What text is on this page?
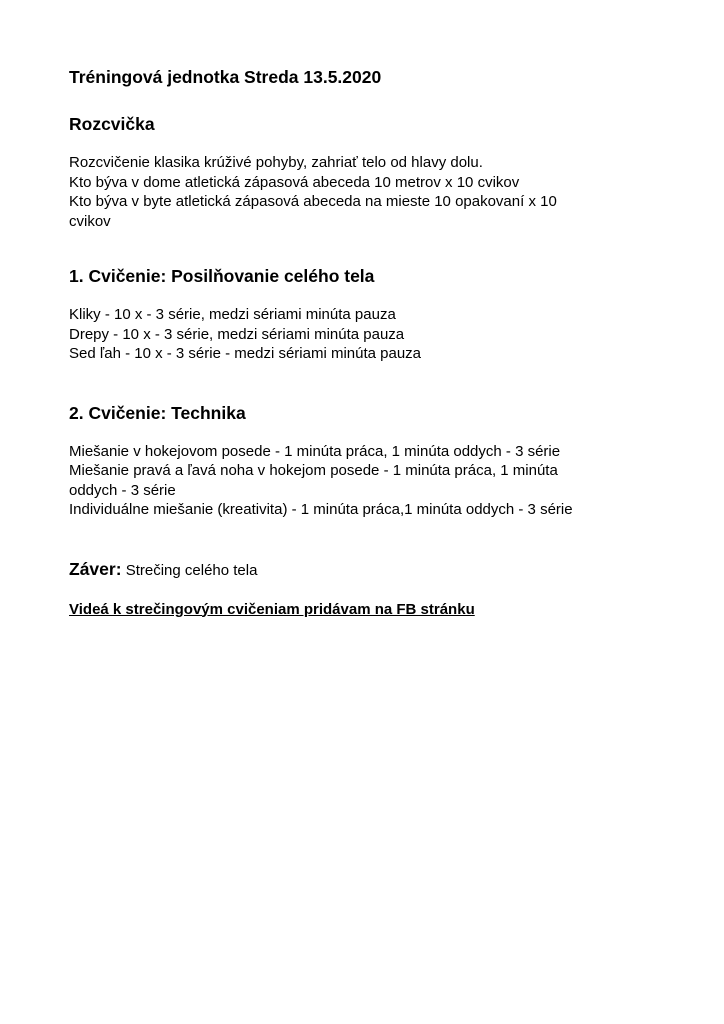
Tréningová jednotka Streda 13.5.2020
Rozcvička

Rozcvičenie klasika krúživé pohyby, zahriať telo od hlavy dolu.
Kto býva v dome atletická zápasová abeceda 10 metrov x 10 cvikov
Kto býva v byte atletická zápasová abeceda na mieste 10 opakovaní x 10
cvikov

1. Cvičenie: Posilňovanie celého tela

Kliky - 10 x - 3 série, medzi sériami minúta pauza
Drepy - 10 x - 3 série, medzi sériami minúta pauza
Sed ľah - 10 x - 3 série - medzi sériami minúta pauza

2. Cvičenie: Technika

Miešanie v hokejovom posede - 1 minúta práca, 1 minúta oddych - 3 série
Miešanie pravá a ľavá noha v hokejom posede - 1 minúta práca, 1 minúta
oddych - 3 série
Individuálne miešanie (kreativita) - 1 minúta práca,1 minúta oddych - 3 série

Záver: Strečing celého tela

Videá k strečingovým cvičeniam pridávam na FB stránku
